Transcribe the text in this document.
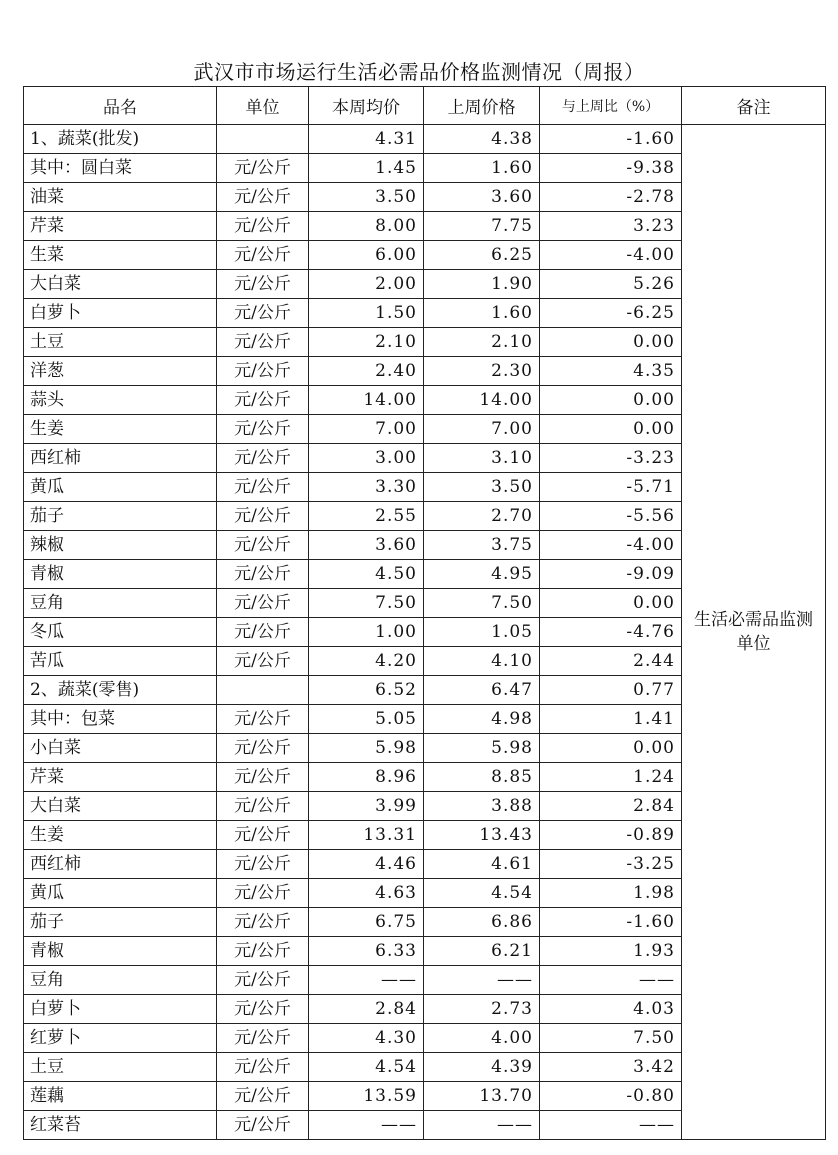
武汉市市场运行生活必需品价格监测情况（周报）
品名	单位	本周均价	上周价格	与上周比（%）	备注
1、蔬菜(批发)		4.31	4.38	-1.60	生活必需品监测单位
其中：圆白菜	元/公斤	1.45	1.60	-9.38	
油菜	元/公斤	3.50	3.60	-2.78	
芹菜	元/公斤	8.00	7.75	3.23	
生菜	元/公斤	6.00	6.25	-4.00	
大白菜	元/公斤	2.00	1.90	5.26	
白萝卜	元/公斤	1.50	1.60	-6.25	
土豆	元/公斤	2.10	2.10	0.00	
洋葱	元/公斤	2.40	2.30	4.35	
蒜头	元/公斤	14.00	14.00	0.00	
生姜	元/公斤	7.00	7.00	0.00	
西红柿	元/公斤	3.00	3.10	-3.23	
黄瓜	元/公斤	3.30	3.50	-5.71	
茄子	元/公斤	2.55	2.70	-5.56	
辣椒	元/公斤	3.60	3.75	-4.00	
青椒	元/公斤	4.50	4.95	-9.09	
豆角	元/公斤	7.50	7.50	0.00	
冬瓜	元/公斤	1.00	1.05	-4.76	
苦瓜	元/公斤	4.20	4.10	2.44	
2、蔬菜(零售)		6.52	6.47	0.77	
其中：包菜	元/公斤	5.05	4.98	1.41	
小白菜	元/公斤	5.98	5.98	0.00	
芹菜	元/公斤	8.96	8.85	1.24	
大白菜	元/公斤	3.99	3.88	2.84	
生姜	元/公斤	13.31	13.43	-0.89	
西红柿	元/公斤	4.46	4.61	-3.25	
黄瓜	元/公斤	4.63	4.54	1.98	
茄子	元/公斤	6.75	6.86	-1.60	
青椒	元/公斤	6.33	6.21	1.93	
豆角	元/公斤	——	——	——	
白萝卜	元/公斤	2.84	2.73	4.03	
红萝卜	元/公斤	4.30	4.00	7.50	
土豆	元/公斤	4.54	4.39	3.42	
莲藕	元/公斤	13.59	13.70	-0.80	
红菜苔	元/公斤	——	——	——	
